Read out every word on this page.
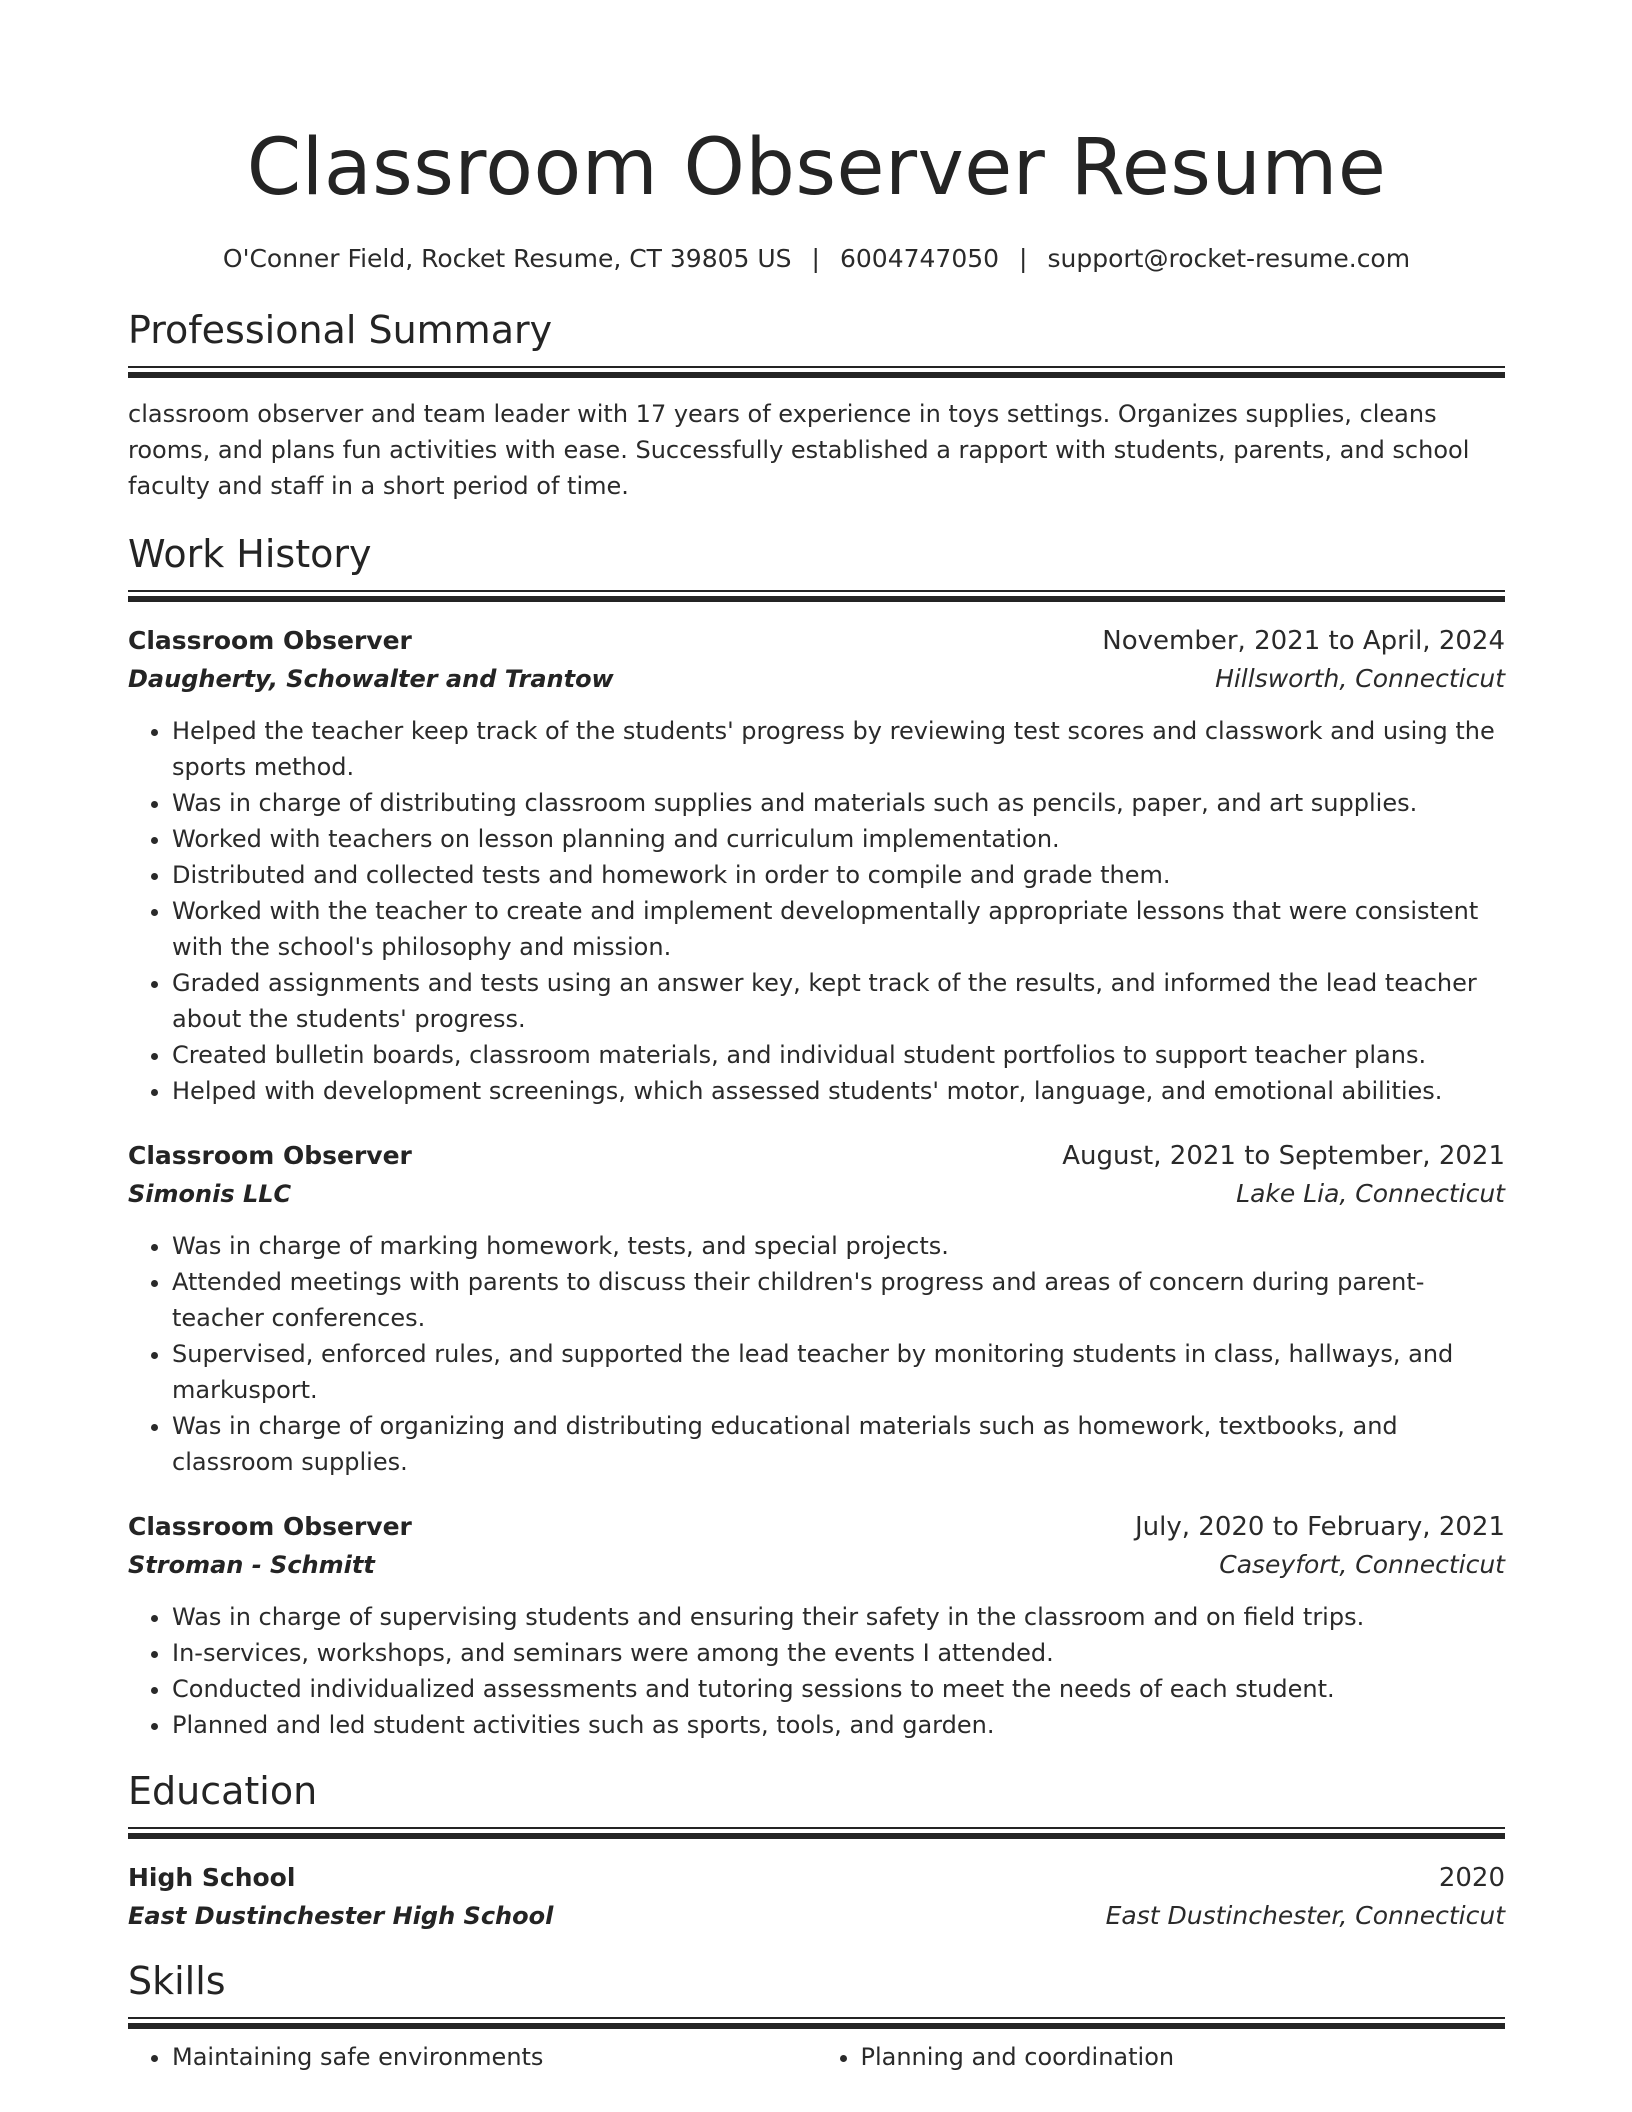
Classroom Observer Resume
O'Conner Field, Rocket Resume, CT 39805 US | 6004747050 | support@rocket-resume.com
Professional Summary

classroom observer and team leader with 17 years of experience in toys settings. Organizes supplies, cleans rooms, and plans fun activities with ease. Successfully established a rapport with students, parents, and school faculty and staff in a short period of time.

Work History
Classroom Observer	November, 2021 to April, 2024
Daugherty, Schowalter and Trantow	Hillsworth, Connecticut
• Helped the teacher keep track of the students' progress by reviewing test scores and classwork and using the sports method.
• Was in charge of distributing classroom supplies and materials such as pencils, paper, and art supplies.
• Worked with teachers on lesson planning and curriculum implementation.
• Distributed and collected tests and homework in order to compile and grade them.
• Worked with the teacher to create and implement developmentally appropriate lessons that were consistent with the school's philosophy and mission.
• Graded assignments and tests using an answer key, kept track of the results, and informed the lead teacher about the students' progress.
• Created bulletin boards, classroom materials, and individual student portfolios to support teacher plans.
• Helped with development screenings, which assessed students' motor, language, and emotional abilities.
Classroom Observer	August, 2021 to September, 2021
Simonis LLC	Lake Lia, Connecticut
• Was in charge of marking homework, tests, and special projects.
• Attended meetings with parents to discuss their children's progress and areas of concern during parent-teacher conferences.
• Supervised, enforced rules, and supported the lead teacher by monitoring students in class, hallways, and markusport.
• Was in charge of organizing and distributing educational materials such as homework, textbooks, and classroom supplies.
Classroom Observer	July, 2020 to February, 2021
Stroman - Schmitt	Caseyfort, Connecticut
• Was in charge of supervising students and ensuring their safety in the classroom and on field trips.
• In-services, workshops, and seminars were among the events I attended.
• Conducted individualized assessments and tutoring sessions to meet the needs of each student.
• Planned and led student activities such as sports, tools, and garden.
Education
High School	2020
East Dustinchester High School	East Dustinchester, Connecticut
Skills
• Maintaining safe environments
•	Planning and coordination
